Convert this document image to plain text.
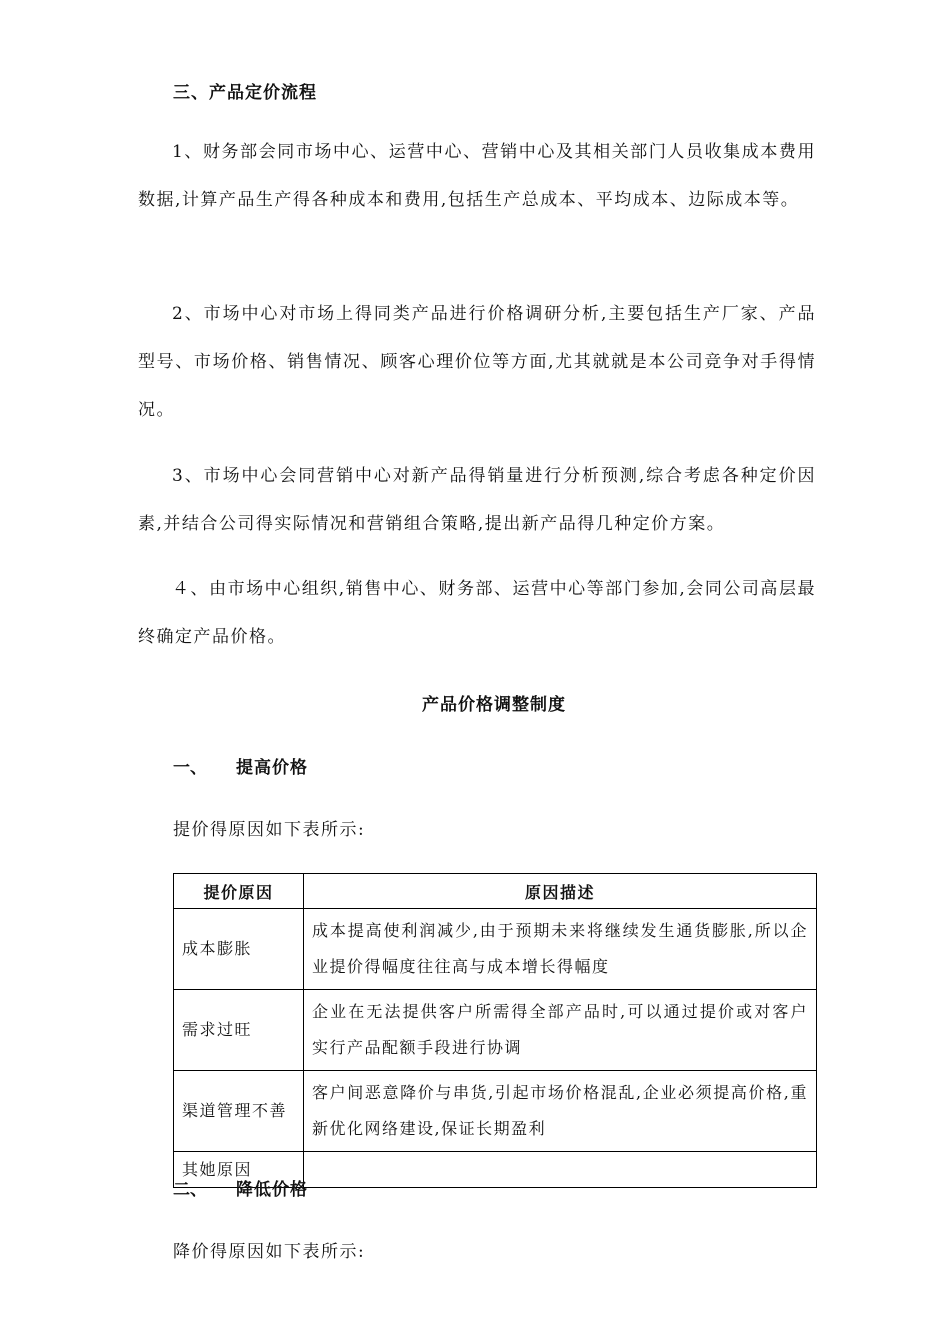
三、产品定价流程
1、财务部会同市场中心、运营中心、营销中心及其相关部门人员收集成本费用数据,计算产品生产得各种成本和费用,包括生产总成本、平均成本、边际成本等。
2、市场中心对市场上得同类产品进行价格调研分析,主要包括生产厂家、产品型号、市场价格、销售情况、顾客心理价位等方面,尤其就就是本公司竞争对手得情况。
3、市场中心会同营销中心对新产品得销量进行分析预测,综合考虑各种定价因素,并结合公司得实际情况和营销组合策略,提出新产品得几种定价方案。
４、由市场中心组织,销售中心、财务部、运营中心等部门参加,会同公司高层最终确定产品价格。
产品价格调整制度
一、 提高价格
提价得原因如下表所示:
提价原因	原因描述
成本膨胀	成本提高使利润减少,由于预期未来将继续发生通货膨胀,所以企业提价得幅度往往高与成本增长得幅度
需求过旺	企业在无法提供客户所需得全部产品时,可以通过提价或对客户实行产品配额手段进行协调
渠道管理不善	客户间恶意降价与串货,引起市场价格混乱,企业必须提高价格,重新优化网络建设,保证长期盈利
其她原因	
二、 降低价格
降价得原因如下表所示:
